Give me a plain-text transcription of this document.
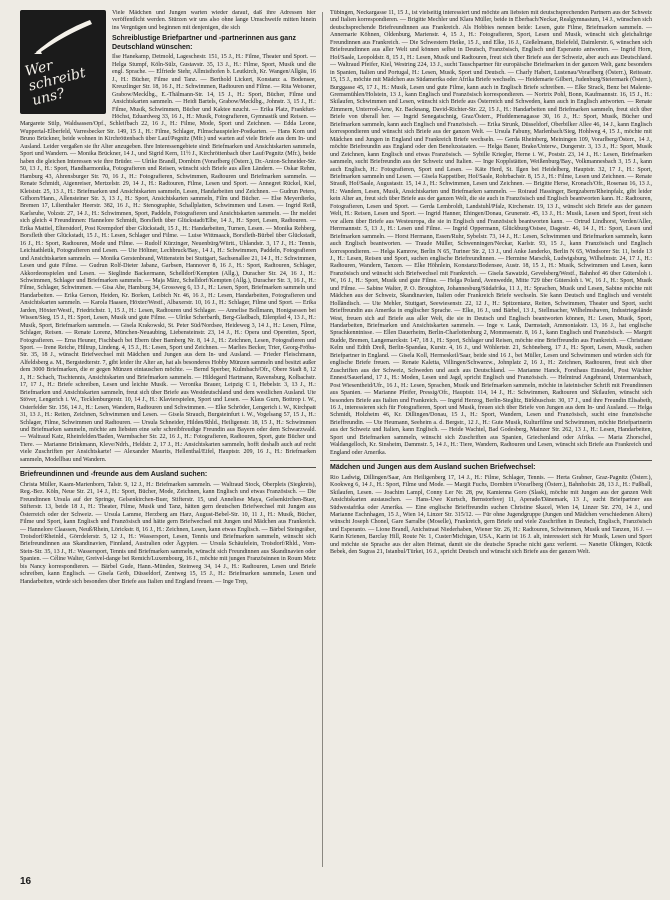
Wer schreibt uns?

Viele Mädchen und Jungen warten wieder darauf, daß ihre Adressen hier veröffentlicht werden. Stürzen wir uns also ohne lange Umschweife mitten hinein ins Vergnügen und beginnen mit denjenigen, die sich

Schreiblustige Briefpartner und -partnerinnen aus ganz Deutschland wünschen:

Ilse Hanekamp, Detmold, Lageschestr. 151, 15 J., H.: Filme, Theater und Sport. — Helga Stumpf, Köln-Sülz, Gustavstr. 35, 13 J., H.: Filme, Sport, Musik und die engl. Sprache. — Elfriede Stehr, Allmisthofen b. Leutkirch, Kr. Wangen/Allgäu, 16 J., H.: Bücher, Filme und Tanz. — Berthold Lickert, Konstanz a. Bodensee, Kreuzlinger Str. 18, 16 J., H.: Schwimmen, Radtouren und Filme. — Rita Weissner, Grabow/Mecklbg., E.-Thälmann-Str. 14, 15 J., H.: Sport, Bücher, Filme und Ansichtskarten sammeln. — Heidi Bartels, Grabow/Mecklbg., Johnstr. 3, 15 J., H.: Filme, Musik, Schwimmen, Bücher und Kaktee nzucht. — Erika Platz, Frankfurt-Höchst, Eduardweg 33, 16 J., H.: Musik, Fotografieren, Gymnastik und Reisen. — Margarete Stilp, Waldsassen/Opf., Schleifbach 22, 16 J., H.: Filme, Mode, Sport und Zeichnen. — Edda Leone, Wuppertal-Elberfeld, Varresbecker Str. 149, 15 J., H.: Filme, Schlager, Filmschauspieler-Postkarten. — Hans Korn und Bruno Brückner, beide wohnen in Kirchröttenbach über Lauf/Pegnitz (Mfr.) und warten auf viele Briefe aus dem In- und Ausland. Leider vergaßen sie ihr Alter anzugeben. Ihre Interessengebiete sind: Briefmarken und Ansichtskarten sammeln, Sport und Wandern. — Monika Brückner, 14 J., und Sigrid Kern, 11½ J., Kirchröttenbach über Lauf/Pegnitz (Mfr.), beide haben die gleichen Interessen wie ihre Brüder. — Ulrike Brandl, Dornbirn (Vorarlberg (Österr.), Dr.-Anton-Schneider-Str. 50, 13 J., H.: Sport, Handharmonika, Fotografieren und Reisen, wünscht sich Briefe aus allen Ländern. — Oskar Rehm, Hamburg 43, Ahrensburger Str. 70, 16 J., H.: Fotografieren, Schwimmen, Radtouren und Briefmarken sammeln. — Renate Schmidt, Aigenreiser, Mertzelstr. 29, 14 J., H.: Radtouren, Filme, Lesen und Sport. — Annegret Rückel, Kiel, Kleiststr. 25, 13 J., H.: Briefmarken und Ansichtskarten sammeln, Lesen, Handarbeiten und Zeichnen. — Gudrun Peters, Gifhorn/Hann., Allensteiner Str. 3, 13 J., H.: Sport, Ansichtskarten sammeln, Film und Bücher. — Else Meyerdierks, Bremen 17, Lilienthaler Heerstr. 382, 16 J., H.: Stenographie, Schallplatten, Schwimmen und Lesen. — Ingrid Reiß, Karlsruhe, Volzstr. 27, 14 J., H.: Schwimmen, Sport, Paddeln, Fotografieren und Ansichtskarten sammeln. — Ihr meldet sich gleich 4 Freundinnen: Hannelore Schmidt, Borsfleth über Glückstadt/Elbe, 14 J., H.: Sport, Lesen, Radtouren. — Erika Mattiel, Elterstdorf, Post Krempdorf über Glückstadt, 15 J., H.: Handarbeiten, Turnen, Lesen. — Monika Rehberg, Borsfleth über Glückstadt, 15 J., H.: Lesen, Schlager und Filme. — Luise Wittmaack, Borsfleth-Bürbel über Glückstadt, 16 J., H.: Sport, Radtouren, Mode und Filme. — Rudolf Kürzinger, Neuenbürg/Württ., Uhlandstr. 3, 17 J., H.: Tennis, Leichtathletik, Fotografieren und Lesen. — Ute Höltner, Lechbruck/Bay., 14 J., H.: Schwimmen, Paddeln, Fotografieren und Ansichtskarten sammeln. — Monika Gerstenbrand, Wittenstein bei Stuttgart, Sachsenallee 21, 14 J., H.: Schwimmen, Lesen und gute Filme. — Gudrun Rolf-Dieter Jabanz, Garbsen, Hannover 8, 16 J., H.: Sport, Radtouren, Schlager, Akkordeonspielen und Lesen. — Sieglinde Backermann, Schelldorf/Kempten (Allg.), Duracher Str. 24, 16 J., H.: Schwimmen, Schlager und Briefmarken sammeln. — Maja März, Schelldorf/Kempten (Allg.), Duracher Str. 3, 16 J., H.: Filme, Schlager, Schwimmen. — Gisa Ahe, Hamburg 34, Grossweg 6, 13 J., H.: Lesen, Sport, Briefmarken sammeln und Handarbeiten. — Erika Gerson, Heiden, Kr. Borken, Leibich Nr. 46, 16 J., H.: Lesen, Handarbeiten, Fotografieren und Ansichtskarten sammeln. — Karola Haasen, Höxter/Westf., Albaxerstr. 10, 16 J., H.: Schlager, Filme und Sport. — Erika Jarden, Höxter/Westf., Friedrichstr. 1, 15 J., H.: Lesen, Radtouren und Schlager. — Annelise Bollmann, Honigsessen bei Wissen/Sieg, 15 J., H.: Sport, Lesen, Musik und gute Filme. — Ulrike Scherbarth, Berg-Gladbach, Eilenpfad 4, 13 J., H.: Musik, Sport, Briefmarken sammeln. — Gisela Krakowski, St. Peter Süd/Nordsee, Heideweg 3, 14 J., H.: Lesen, Filme, Schlager, Reisen. — Renate Lorenz, München-Neuaubing, Liebensteinstr. 23, 14 J., H.: Opera und Operetten, Sport, Fotografieren. — Erna Heuner, Fischbach bei Ebern über Bamberg Nr. 8, 14 J., H.: Zeichnen, Lesen, Fotografieren und Sport. — Irene Reiche, Hiltrup, Lindeng. 4, 15 J., H.: Lesen, Sport und Zeichnen. — Marlies Becker, Trier, Georg-Fröba-Str. 35, 18 J., wünscht Briefwechsel mit Mädchen und Jungen aus dem In- und Ausland. — Frieder Fleischmann, Alfeldsberg a. M., Bergstedterstr. 7, gibt leider ihr Alter an, hat als besonderes Hobby Münzen sammeln und besitzt außer dem 3000 Briefmarken, die er gegen Münzen eintauschen möchte. — Bernd Sperber, Kulmbach/Ofr., Obere Stadt 8, 12 J., H.: Schach, Tischtennis, Ansichtskarten und Briefmarken sammeln. — Hildegard Hartmann, Ravensburg, Kolbachstr. 17, 17 J., H.: Briefe schreiben, Lesen und leichte Musik. — Veronika Brauer, Leipzig C 1, Hebelstr. 3, 13 J., H.: Briefmarken und Ansichtskarten sammeln, freut sich über Briefe aus Westdeutschland und dem westlichen Ausland. Ute Stöver, Lengerich i. W., Tecklenburgerstr. 10, 14 J., H.: Klavierspielen, Sport und Lesen. — Klaus Gurn, Bottrop i. W., Osterfelder Str. 156, 14 J., H.: Lesen, Wandern, Radtouren und Schwimmen. — Elke Schröder, Lengerich i. W., Kirchpatt 31, 13 J., H.: Reiten, Zeichnen, Schwimmen und Lesen. — Gisela Strauch, Burgsteinfurt i. W., Vogelsang 57, 15 J., H.: Schlager, Filme, Schwimmen und Radtouren. — Ursula Schneider, Hilden/Rhld., Heiligenstr. 18, 15 J., H.: Schwimmen und Briefmarken sammeln, möchte am liebsten eine sehr schreibfreudige Freundin aus Bayern oder dem Schwarzwald. — Waltraud Katz, Rheinfelden/Baden, Warmbacher Str. 22, 16 J., H.: Fotografieren, Radtouren, Sport, gute Bücher und Tiere. — Marianne Brinkmann, Kleve/Ndrh., Heldstr. 2, 17 J., H.: Ansichtskarten sammeln, hofft deshalb auch auf recht viele Zuschriften per Ansichtskarte! — Alexander Maurits, Hellenthal/Eifel, Hauptstr. 209, 16 J., H.: Briefmarken sammeln, Modellbau und Wandern.

Briefreundinnen und -freunde aus dem Ausland suchen:

Christa Müller, Kaam-Marienborn, Talstr. 9, 12 J., H.: Briefmarken sammeln. — Waltraud Stock, Oberpleis (Siegkreis), Reg.-Bez. Köln, Neue Str. 21, 14 J., H.: Sport, Bücher, Mode, Zeichnen, kann Englisch und etwas Französisch. — Die Freundinnen Ursula auf der Springe, Gelsenkirchen-Buer, Stifterstr. 15, und Anneliese Maya, Gelsenkirchen-Buer, Stifterstr. 13, beide 18 J., H.: Theater, Filme, Musik und Tanz, hätten gern deutschen Briefwechsel mit Jungen aus Österreich oder der Schweiz. — Ursula Lamme, Herzberg am Harz, August-Bebel-Str. 10, 11 J., H.: Musik, Bücher, Filme und Sport, kann Englisch und Französisch und hätte gern Briefwechsel mit Jungen und Mädchen aus Frankreich. — Hannelore Claassen, Neuß/Rhein, Lörickstr. 8, 16 J., H.: Zeichnen, Lesen, kann etwas Englisch. — Bärbel Steingräber, Troisdorf/Rheinld., Görrdelerstr. 5, 12 J., H.: Wassersport, Lesen, Tennis und Briefmarken sammeln, wünscht sich Briefreundinnen aus Skandinavien, Finnland, Australien oder Ägypten. — Ursula Schäufelein, Troisdorf/Rhld., Vom-Stein-Str. 35, 13 J., H.: Wassersport, Tennis und Briefmarken sammeln, wünscht sich Freundinnen aus Skandinavien oder Spanien. — Céline Walter, Greivel-dange bei Remich/Luxembourg, 16 J., möchte mit jungen Französinnen in Roum Metz bis Nancy korrespondieren. — Bärbel Gude, Hann.-Münden, Steinweg 34, 14 J., H.: Radtouren, Lesen und Briefe schreiben, kann Englisch. — Gisela Gröb, Düsseldorf, Zentweg 15, 15 J., H.: Briefmarken sammeln, Lesen und Handarbeiten, würde sich besonders über Briefe aus Italien und England freuen. — Inge Trep,

Tübingen, Neckargasse 11, 15 J., ist vielseitig interessiert und möchte am liebsten mit deutschsprechenden Partnern aus der Schweiz und Italien korrespondieren. — Brigitte Mechler und Klara Müller, beide in Eberbach/Neckar, Realgymnasium, 14 J., wünschen sich deutschsprechende Briefreundinnen aus Frankreich. Als Hobbies nennen beide: Lesen, gute Filme, Briefmarken sammeln. — Annemarie Köhnen, Oldenburg, Marienstr. 4, 15 J., H.: Fotografieren, Sport, Lesen und Musik, wünscht sich gleichaltrige Freundinnen aus Frankreich. — Die Schwestern Heike, 15 J., und Elke, 16 J., Gießelmann, Bielefeld, Daimlerstr. 6, wünschen sich Briefreundinnen aus aller Welt und können selbst in Deutsch, Französisch, Englisch und Esperanto antworten. — Ingrid Horn, Hof/Saale, Leopoldstr. 8, 15 J., H.: Lesen, Musik und Radtouren, freut sich über Briefe aus der Schweiz, aber auch aus Deutschland. — Waltraud Pfeifer, Kiel, Westring 224, 13 J., sucht Tauschpartner für europäische Briefmarken in der ganzen Welt, ganz besonders in Spanien, Italien und Portugal, H.: Lesen, Musik, Sport und Deutsch. — Charly Habert, Lustenau/Vorarlberg (Österr.), Reiteastr. 15, 15 J., möchte mit Mädchen aus Südamerika oder Afrika Briefe wechseln. — Heidemarie Gilbert, Judenburg/Steiermark (Österr.), Burggasse 45, 17 J., H.: Musik, Lesen und gute Filme, kann auch in Englisch Briefe schreiben. — Elke Strack, Benz bei Malente-Gremsmühlen/Holstein, 13 J., kann Englisch und Französisch korrespondieren. — Nortrix Pohl, Bonn, Kaufmannstr. 16, 15 J., H.: Skilaufen, Schwimmen und Lesen, wünscht sich Briefe aus Österreich und Schweden, kann auch in Englisch antworten. — Renate Zimmern, Unterrod-Arne, Kr. Backnang, David-Richter-Str. 22, 15 J., H.: Handarbeiten und Briefmarken sammeln, freut sich über Briefe von überall her. — Ingrid Senegatschnig, Graz/Österr., Pfuddemenagasse 30, 16 J., H.: Sport, Musik, Bücher und Briefmarken sammeln, kann auch Englisch und Französisch. — Erika Strunk, Düsseldorf, Oberbilker Allee 46, 14 J., kann Englisch korrespondieren und wünscht sich Briefe aus der ganzen Welt. — Ursula Fabuny, Marlenbach/Sieg, Hohlweg 4, 15 J., möchte mit Mädchen und Jungen in England und Frankreich Briefe wechseln. — Gerda Rheinberg, Meiningen 109, Vorarlberg/Österr., 14 J., möchte Briefreundin aus England oder den Beneluxstaaten. — Helga Bauer, Brake/Unterw., Dungerstr. 3, 13 J., H.: Sport, Musik und Zeichnen, kann Englisch und etwas Französisch. — Sybille Kriegler, Herne i. W., Poststr. 23, 14 J., H.: Lesen, Briefmarken sammeln, sucht Briefreundin aus der Schweiz und Italien. — Inge Kopplstätten, Weißenburg/Bay., Volkmannesbach 3, 15 J., kann auch Englisch, H.: Fotografieren, Sport und Lesen. — Käte Herd, St. Ilgen bei Heidelberg, Hauptstr. 32, 17 J., H.: Sport, Briefmarken sammeln und Lesen. — Gisela Kappstiber, Hof/Saale, Rohrbachstr. 8, 15 J., H.: Filme, Lesen und Zeichnen. — Renate Strauß, Hof/Saale, Augustastr. 15, 14 J., H.: Schwimmen, Lesen und Zeichnen. — Brigitte Herse, Kronach/Ofr., Rosenau 16, 13 J., H.: Wandern, Lesen, Musik, Ansichtskarten und Briefmarken sammeln. — Roiraud Hassinger, Bergzabern/Rheinpfalz, gibt leider kein Alter an, freut sich über Briefe aus der ganzen Welt, die sie auch in Französisch und Englisch beantworten kann. H.: Radtouren, Fotografieren, Lesen und Sport. — Gerda Lembroldt, Landstuhl/Pfalz, Kirchenstr. 19, 13 J., wünscht sich Briefe aus der ganzen Welt, H.: Reisen, Lesen und Sport. — Ingrid Hanner, Ehingen/Donau, Grunenstr. 45, 13 J., H.: Musik, Lesen und Sport, freut sich vor allem über Briefe aus Westeuropa, die sie in Englisch und Französisch beantworten kann. — Ortrud Lindhorst, Verden/Aller, Herrmannstr. 5, 13 J., H.: Lesen und Filme. — Ingrid Oppermann, Glückburg/Ostsee, Dagestr. 46, 14 J., H.: Sport, Lesen und Briefmarken sammeln. — Horst Hermann, Essen/Ruhr, Sybelstr. 73, 14 J., H.: Lesen, Schwimmen und Briefmarken sammeln, kann auch Englisch beantworten. — Traude Müller, Schwenningen/Neckar, Karlstr. 93, 15 J., kann Französisch und Englisch korrespondieren. — Helga Kamrow, Berlin N 65, Turiner Str. 2, 13 J., und Anke Janderko, Berlin N 65, Windsorer Str. 11, beide 13 J., H.: Lesen, Reisen und Sport, suchen englische Briefreundinnen. — Hermine Marschk, Ludwigsburg, Wilhelmstr. 24, 17 J., H.: Radtouren, Wandern, Tanzen. — Elke Höhnlein, Konstanz/Bodensee, Austr. 18, 15 J., H.: Musik, Schwimmen und Lesen, kann Französisch und wünscht sich Briefwechsel mit Frankreich. — Gisela Sawatzki, Gevelsberg/Westf., Bahnhof 46 über Gütersloh i. W., 16 J., H.: Sport, Musik und gute Filme. — Helga Poland, Avenwedde, Mitte 729 über Gütersloh i. W., 16 J., H.: Sport, Musik und Filme. — Sabine Walter, P. O. Broughton, Johannesburg/Südafrika, 11 J., H.: Sprachen, Musik und Lesen, Sabine möchte mit Mädchen aus der Schweiz, Skandinavien, Italien oder Frankreich Briefe wechseln. Sie kann Deutsch und Englisch und versteht Holländisch. — Ute Mehler, Stuttgart, Seewiesenstr. 22, 12 J., H.: Spitzentanz, Reiten, Schwimmen, Theater und Sport, sucht Brieffreundin aus Amerika in englischer Sprache. — Elke, 16 J., und Bärbel, 13 J., Stellmacher, Wilhelmshaven, Industriegelände West, freuen sich auf Briefe aus aller Welt, die sie in Deutsch und Englisch beantworten können, H.: Lesen, Musik, Sport, Handarbeiten, Briefmarken und Ansichtskarten sammeln. — Inge v. Lauk, Darmstadt, Ammoniakstr. 13, 16 J., hat englische Sprachkenntnisse. — Ellen Dauerheim, Berlin-Charlottenburg 2, Mommsenstr. 8, 16 J., kann Englisch und Französisch. — Margrit Budde, Bremen, Langemarckstr. 147, 18 J., H.: Sport, Schlager und Reisen, möchte eine Brieffreundin aus Frankreich. — Christiane Kelm und Edith Dreß, Berlin-Spandau, Kurstr. 4, 16 J., und Wöhlertstr. 21, Schöneberg, 17 J., H.: Sport, Lesen, Musik, suchen Briefpartner in England. — Gisela Koll, Hermeskeil/Saar, beide sind 16 J., bei Müller, Lesen und Schwimmen und würden sich für englische Briefe freuen. — Renate Kaletta, Villingen/Schwarzw., Johnplatz 2, 16 J., H.: Zeichnen, Radtouren, freut sich über Zuschriften aus der Schweiz, Schweden und auch aus Deutschland. — Marianne Hanck, Forsthaus Einsiedel, Post Wächter Ennest/Sauerland, 17 J., H.: Moden, Lesen und Jagd, spricht Englisch und Französisch. — Helmtrud Angebrand, Untermarsbach, Post Wiesentheid/Ufr., 16 J., H.: Lesen, Sprachen, Musik und Briefmarken sammeln, möchte in lateinischer Schrift mit Freundinnen aus Spanien. — Marianne Pfeifer, Pressig/Ofr., Hauptstr. 114, 14 J., H.: Schwimmen, Radtouren und Skilaufen, wünscht sich besonders Briefe aus Italien und Frankreich. — Ingrid Herzog, Berlin-Steglitz, Birkbuschstr. 30, 17 J., und ihre Freundin Elisabeth, 16 J., interessieren sich für Fotografieren, Sport und Musik, freuen sich über Briefe von Jungen aus dem In- und Ausland. — Helga Schmidt, Holzheim 46, Kr. Dillingen/Donau, 15 J., H.: Sport, Wandern, Lesen und Französisch, sucht eine französische Brieffreundin. — Ute Heumann, Seeheim a. d. Bergstr., 12 J., H.: Gute Musik, Kulturfilme und Schwimmen, möchte Briefpartnerin aus der Schweiz und Italien, kann Englisch. — Heide Wachtel, Bad Godesberg, Mainzer Str. 262, 13 J., H.: Lesen, Handarbeiten, Sport und Briefmarken sammeln, wünscht sich Zuschriften aus Spanien, Griechenland oder Afrika. — Maria Zhorschel, Waldangelloch, Kr. Sinsheim, Dammstr. 5, 14 J., H.: Tiere, Wandern, Radtouren und Lesen, wünscht sich Briefe aus Frankreich und England oder Amerika.

Mädchen und Jungen aus dem Ausland suchen Briefwechsel:

Rio Ladwig, Dillingen/Saar, Am Heiligenberg 17, 14 J., H.: Filme, Schlager, Tennis. — Herta Grabner, Graz-Pagnitz (Österr.), Kookweg 6, 14 J., H.: Sport, Filme und Mode. — Margit Fuchs, Dornbirn i/Vorarlberg (Österr.), Bahnhofstr. 28, 13 J., H.: Fußball, Skilaufen, Lesen. — Joachim Lampl, Conny Ler Nr. 28, pw, Kamienna Goro (Slask), möchte mit Jungen aus der ganzen Welt Ansichtskarten austauschen. — Hans-Uwe Kurtsch, Bernstorfsvej 11, Aperade/Dänemark, 13 J., sucht Briefpartner aus Südwestafrika oder Amerika. — Eine englische Brieffreundin suchen Christine Skacel, Wien 14, Linzer Str. 270, 14 J., und Marianne Eschnhagen, 15 J., Wien 14, Linzer Str. 315/12. — Für ohne Jugendgruppe (Jungen und Mädchen verschiedenen Alters) wünscht Joseph Chonel, Gare Sarralbe (Moselle), Frankreich, gern Briefe und viele Zuschriften in Deutsch, Englisch, Französisch und Esperanto. — Lione Brandl, Anichstraat Niederhaben, Wiener Str. 26, H.: Radtouren, Schwimmen, Musik und Tanzen, 16 J. — Karin Krienen, Barclay Hill, Route Nr. 1, Custer/Michigan, USA., Karin ist 16 J. alt, interessiert sich für Musik, Lesen und Sport und möchte sie Sprache aus der alten Heimat, damit sie die deutsche Sprache nicht ganz verlernt. — Nanette Ülkingen, Kücük Bebek, den Sugras 21, Istanbul/Türkei, 16 J., spricht Deutsch und wünscht sich Briefe aus der ganzen Welt.

16
